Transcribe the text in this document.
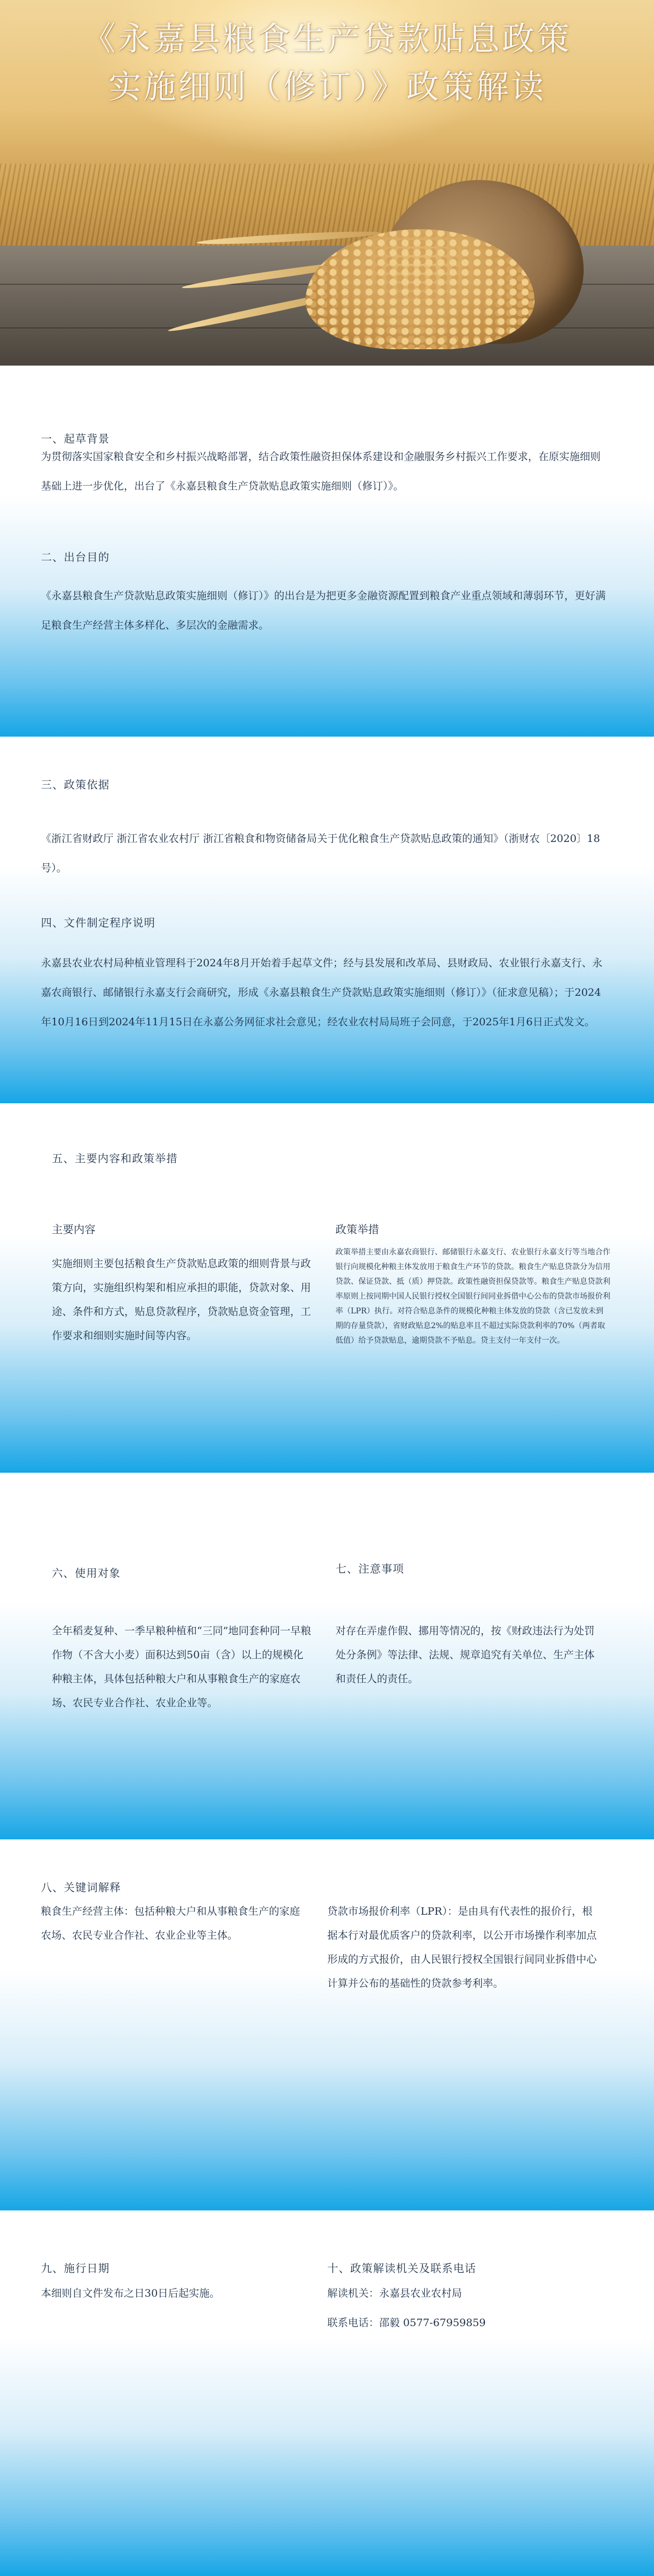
《永嘉县粮食生产贷款贴息政策实施细则（修订）》政策解读

一、起草背景

为贯彻落实国家粮食安全和乡村振兴战略部署，结合政策性融资担保体系建设和金融服务乡村振兴工作要求，在原实施细则基础上进一步优化，出台了《永嘉县粮食生产贷款贴息政策实施细则（修订）》。

二、出台目的

《永嘉县粮食生产贷款贴息政策实施细则（修订）》的出台是为把更多金融资源配置到粮食产业重点领域和薄弱环节，更好满足粮食生产经营主体多样化、多层次的金融需求。

三、政策依据

《浙江省财政厅 浙江省农业农村厅 浙江省粮食和物资储备局关于优化粮食生产贷款贴息政策的通知》（浙财农〔2020〕18号）。

四、文件制定程序说明

永嘉县农业农村局种植业管理科于2024年8月开始着手起草文件；经与县发展和改革局、县财政局、农业银行永嘉支行、永嘉农商银行、邮储银行永嘉支行会商研究，形成《永嘉县粮食生产贷款贴息政策实施细则（修订）》（征求意见稿）；于2024年10月16日到2024年11月15日在永嘉公务网征求社会意见；经农业农村局局班子会同意，于2025年1月6日正式发文。

五、主要内容和政策举措

主要内容

实施细则主要包括粮食生产贷款贴息政策的细则背景与政策方向，实施组织构架和相应承担的职能，贷款对象、用途、条件和方式，贴息贷款程序，贷款贴息资金管理，工作要求和细则实施时间等内容。

政策举措

政策举措主要由永嘉农商银行、邮储银行永嘉支行、农业银行永嘉支行等当地合作银行向规模化种粮主体发放用于粮食生产环节的贷款。粮食生产贴息贷款分为信用贷款、保证贷款、抵（质）押贷款。政策性融资担保贷款等。粮食生产贴息贷款利率原则上按同期中国人民银行授权全国银行间同业拆借中心公布的贷款市场报价利率（LPR）执行。对符合贴息条件的规模化种粮主体发放的贷款（含已发放未到期的存量贷款），省财政贴息2%的贴息率且不超过实际贷款利率的70%（两者取低值）给予贷款贴息，逾期贷款不予贴息。贷主支付一年支付一次。

六、使用对象

全年稻麦复种、一季早粮种植和“三同”地同套种同一早粮作物（不含大小麦）面积达到50亩（含）以上的规模化种粮主体，具体包括种粮大户和从事粮食生产的家庭农场、农民专业合作社、农业企业等。

七、注意事项

对存在弄虚作假、挪用等情况的，按《财政违法行为处罚处分条例》等法律、法规、规章追究有关单位、生产主体和责任人的责任。

八、关键词解释

粮食生产经营主体：包括种粮大户和从事粮食生产的家庭农场、农民专业合作社、农业企业等主体。

贷款市场报价利率（LPR）：是由具有代表性的报价行，根据本行对最优质客户的贷款利率，以公开市场操作利率加点形成的方式报价，由人民银行授权全国银行间同业拆借中心计算并公布的基础性的贷款参考利率。

九、施行日期

本细则自文件发布之日30日后起实施。

十、政策解读机关及联系电话

解读机关：永嘉县农业农村局

联系电话：邵毅 0577-67959859
